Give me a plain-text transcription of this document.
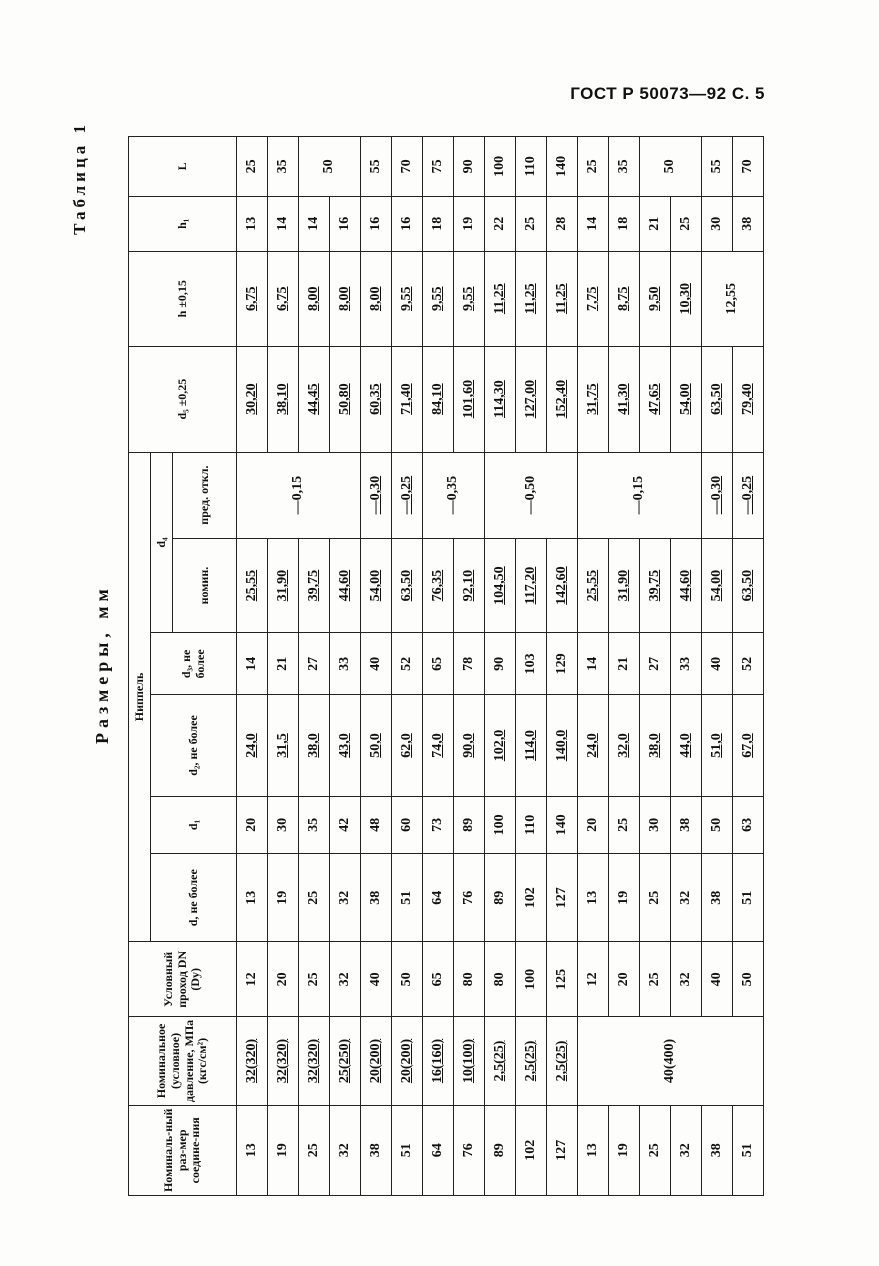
ГОСТ Р 50073—92 С. 5
Таблица 1
Размеры, мм
Номиналь-ный раз-мер соедине-ния	Номинальное (условное) давление, МПа (кгс/см²)	Условный проход DN (Dy)	Ниппель						d₅ ±0,25	h ±0,15	h₁	L
			d, не более	d₁	d₂, не более	d₃, не более	d₄					
							номин.	пред. откл.				
13	32(320)	12	13	20	24,0	14	25,55	—0,15	30,20	6,75	13	25
19	32(320)	20	19	30	31,5	21	31,90		38,10	6,75	14	35
25	32(320)	25	25	35	38,0	27	39,75		44,45	8,00	14	50
32	25(250)	32	32	42	43,0	33	44,60		50,80	8,00	16	
38	20(200)	40	38	48	50,0	40	54,00	—0,30	60,35	8,00	16	55
51	20(200)	50	51	60	62,0	52	63,50	—0,25	71,40	9,55	16	70
64	16(160)	65	64	73	74,0	65	76,35	—0,35	84,10	9,55	18	75
76	10(100)	80	76	89	90,0	78	92,10		101,60	9,55	19	90
89	2,5(25)	80	89	100	102,0	90	104,50	—0,50	114,30	11,25	22	100
102	2,5(25)	100	102	110	114,0	103	117,20		127,00	11,25	25	110
127	2,5(25)	125	127	140	140,0	129	142,60		152,40	11,25	28	140
13	40(400)	12	13	20	24,0	14	25,55	—0,15	31,75	7,75	14	25
19		20	19	25	32,0	21	31,90		41,30	8,75	18	35
25		25	25	30	38,0	27	39,75		47,65	9,50	21	50
32		32	32	38	44,0	33	44,60		54,00	10,30	25	
38		40	38	50	51,0	40	54,00	—0,30	63,50	12,55	30	55
51		50	51	63	67,0	52	63,50	—0,25	79,40		38	70
